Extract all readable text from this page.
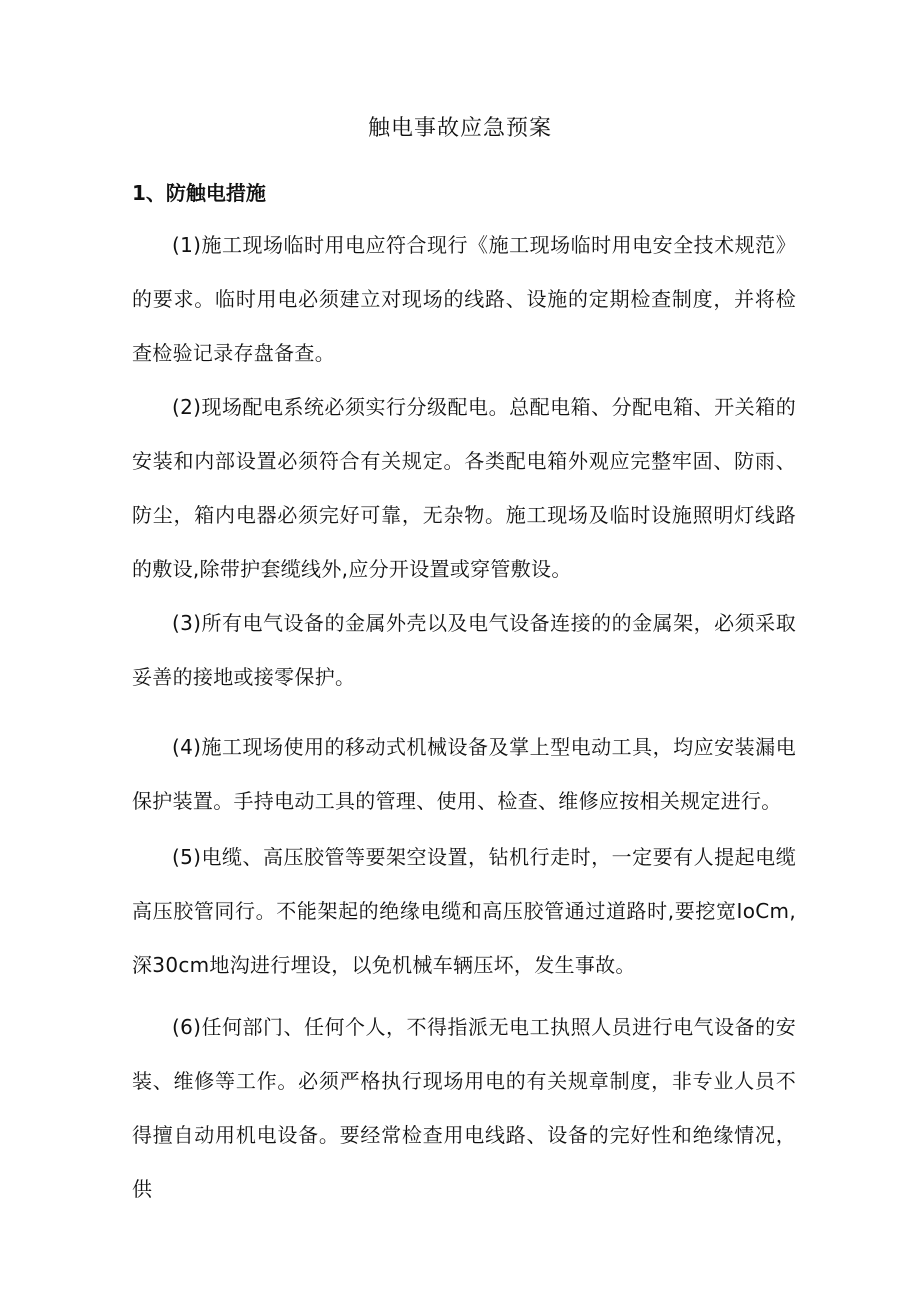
触电事故应急预案
1、防触电措施

(1)施工现场临时用电应符合现行《施工现场临时用电安全技术规范》的要求。临时用电必须建立对现场的线路、设施的定期检查制度，并将检查检验记录存盘备查。

(2)现场配电系统必须实行分级配电。总配电箱、分配电箱、开关箱的安装和内部设置必须符合有关规定。各类配电箱外观应完整牢固、防雨、防尘，箱内电器必须完好可靠，无杂物。施工现场及临时设施照明灯线路的敷设,除带护套缆线外,应分开设置或穿管敷设。

(3)所有电气设备的金属外壳以及电气设备连接的的金属架，必须采取妥善的接地或接零保护。

(4)施工现场使用的移动式机械设备及掌上型电动工具，均应安装漏电保护装置。手持电动工具的管理、使用、检查、维修应按相关规定进行。

(5)电缆、高压胶管等要架空设置，钻机行走时，一定要有人提起电缆高压胶管同行。不能架起的绝缘电缆和高压胶管通过道路时,要挖宽IoCm,深30cm地沟进行埋设，以免机械车辆压坏，发生事故。

(6)任何部门、任何个人，不得指派无电工执照人员进行电气设备的安装、维修等工作。必须严格执行现场用电的有关规章制度，非专业人员不得擅自动用机电设备。要经常检查用电线路、设备的完好性和绝缘情况，供
